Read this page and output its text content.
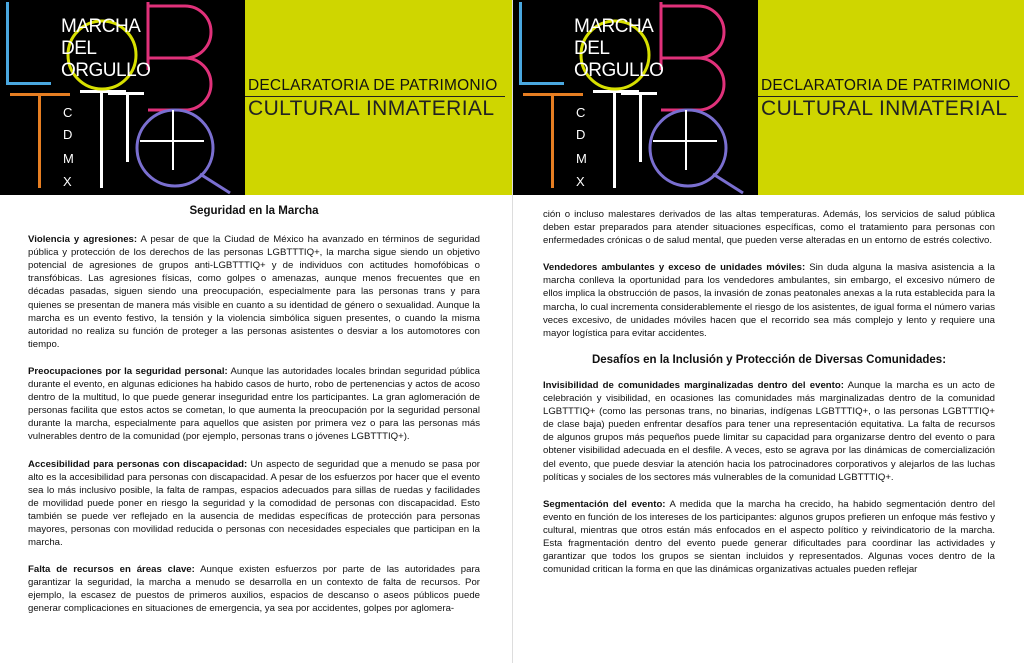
MARCHA
DEL
ORGULLO
C
D
M
X
DECLARATORIA DE PATRIMONIO
CULTURAL INMATERIAL
Seguridad en la Marcha

Violencia y agresiones: A pesar de que la Ciudad de México ha avanzado en términos de seguridad pública y protección de los derechos de las personas LGBTTTIQ+, la marcha sigue siendo un objetivo potencial de agresiones de grupos anti-LGBTTTIQ+ y de individuos con actitudes homofóbicas o transfóbicas. Las agresiones físicas, como golpes o amenazas, aunque menos frecuentes que en décadas pasadas, siguen siendo una preocupación, especialmente para las personas trans y para quienes se presentan de manera más visible en cuanto a su identidad de género o sexualidad. Aunque la marcha es un evento festivo, la tensión y la violencia simbólica siguen presentes, o cuando la misma autoridad no realiza su función de proteger a las personas asistentes o desviar a los automotores con tiempo.

Preocupaciones por la seguridad personal: Aunque las autoridades locales brindan seguridad pública durante el evento, en algunas ediciones ha habido casos de hurto, robo de pertenencias y actos de acoso dentro de la multitud, lo que puede generar inseguridad entre los participantes. La gran aglomeración de personas facilita que estos actos se cometan, lo que aumenta la preocupación por la seguridad personal durante la marcha, especialmente para aquellos que asisten por primera vez o para las personas más vulnerables dentro de la comunidad (por ejemplo, personas trans o jóvenes LGBTTTIQ+).

Accesibilidad para personas con discapacidad: Un aspecto de seguridad que a menudo se pasa por alto es la accesibilidad para personas con discapacidad. A pesar de los esfuerzos por hacer que el evento sea lo más inclusivo posible, la falta de rampas, espacios adecuados para sillas de ruedas y facilidades de movilidad puede poner en riesgo la seguridad y la comodidad de personas con discapacidad. Esto también se puede ver reflejado en la ausencia de medidas específicas de protección para personas mayores, personas con movilidad reducida o personas con necesidades especiales que participan en la marcha.

Falta de recursos en áreas clave: Aunque existen esfuerzos por parte de las autoridades para garantizar la seguridad, la marcha a menudo se desarrolla en un contexto de falta de recursos. Por ejemplo, la escasez de puestos de primeros auxilios, espacios de descanso o aseos públicos puede generar complicaciones en situaciones de emergencia, ya sea por accidentes, golpes por aglomera-

MARCHA
DEL
ORGULLO
C
D
M
X
DECLARATORIA DE PATRIMONIO
CULTURAL INMATERIAL

ción o incluso malestares derivados de las altas temperaturas. Además, los servicios de salud pública deben estar preparados para atender situaciones específicas, como el tratamiento para personas con enfermedades crónicas o de salud mental, que pueden verse alteradas en un entorno de estrés colectivo.

Vendedores ambulantes y exceso de unidades móviles: Sin duda alguna la masiva asistencia a la marcha conlleva la oportunidad para los vendedores ambulantes, sin embargo, el excesivo número de ellos implica la obstrucción de pasos, la invasión de zonas peatonales anexas a la ruta establecida para la marcha, lo cual incrementa considerablemente el riesgo de los asistentes, de igual forma el número varias veces excesivo, de unidades móviles hacen que el recorrido sea más complejo y lento y requiere una mayor logística para evitar accidentes.

Desafíos en la Inclusión y Protección de Diversas Comunidades:

Invisibilidad de comunidades marginalizadas dentro del evento: Aunque la marcha es un acto de celebración y visibilidad, en ocasiones las comunidades más marginalizadas dentro de la comunidad LGBTTTIQ+ (como las personas trans, no binarias, indígenas LGBTTTIQ+, o las personas LGBTTTIQ+ de clase baja) pueden enfrentar desafíos para tener una representación equitativa. La falta de recursos de algunos grupos más pequeños puede limitar su capacidad para organizarse dentro del evento o para obtener visibilidad adecuada en el desfile. A veces, esto se agrava por las dinámicas de comercialización del evento, que puede desviar la atención hacia los patrocinadores corporativos y alejarlos de las luchas políticas y sociales de los sectores más vulnerables de la comunidad LGBTTTIQ+.

Segmentación del evento: A medida que la marcha ha crecido, ha habido segmentación dentro del evento en función de los intereses de los participantes: algunos grupos prefieren un enfoque más festivo y cultural, mientras que otros están más enfocados en el aspecto político y reivindicatorio de la marcha. Esta fragmentación dentro del evento puede generar dificultades para coordinar las actividades y garantizar que todos los grupos se sientan incluidos y representados. Algunas voces dentro de la comunidad critican la forma en que las dinámicas organizativas actuales pueden reflejar
